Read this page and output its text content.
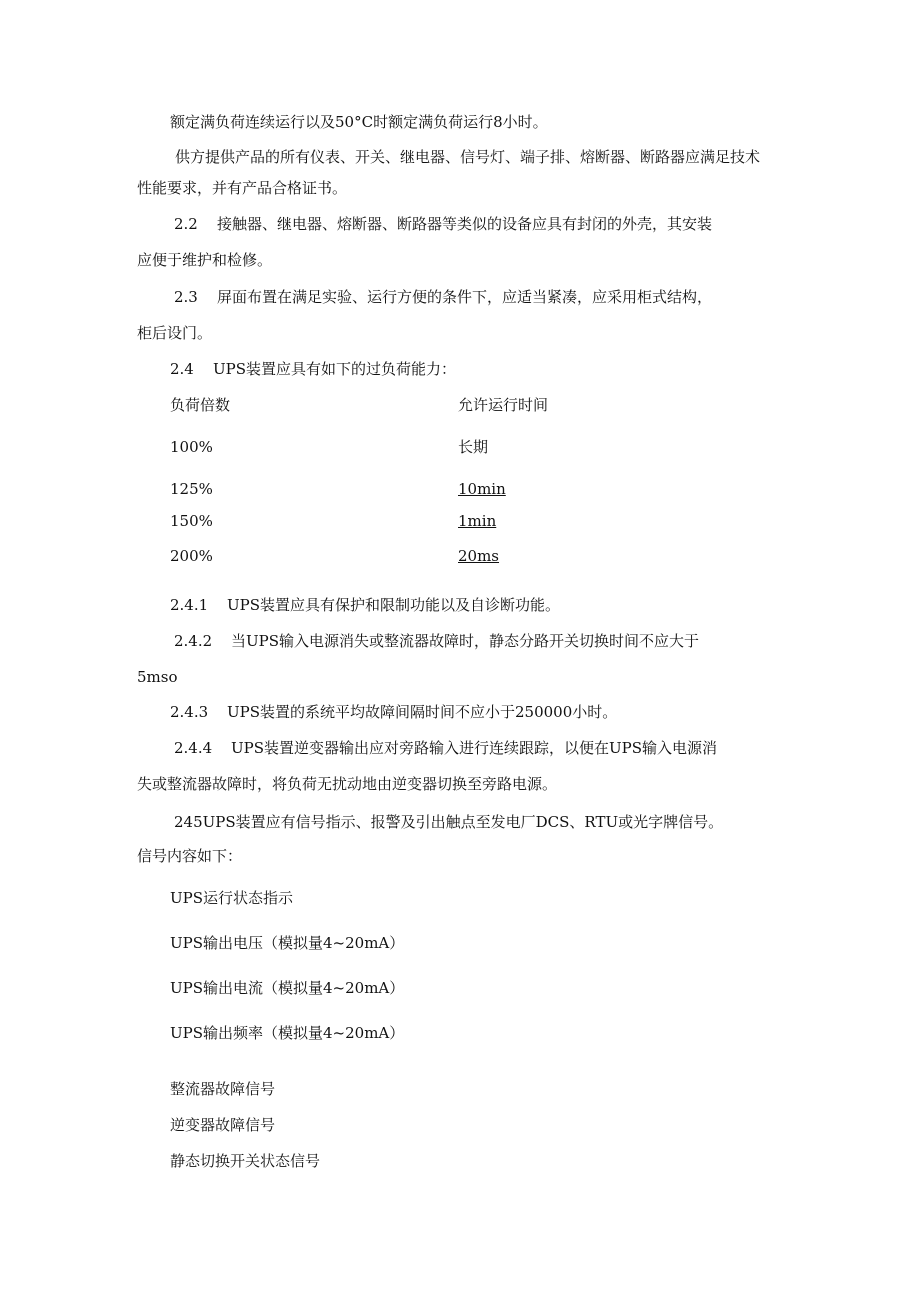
额定满负荷连续运行以及50°C时额定满负荷运行8小时。
供方提供产品的所有仪表、开关、继电器、信号灯、端子排、熔断器、断路器应满足技术
性能要求，并有产品合格证书。
2.2 接触器、继电器、熔断器、断路器等类似的设备应具有封闭的外壳，其安装
应便于维护和检修。
2.3 屏面布置在满足实验、运行方便的条件下，应适当紧凑，应采用柜式结构，
柜后设门。
2.4 UPS装置应具有如下的过负荷能力：
负荷倍数	允许运行时间
100%	长期
125%	10min
150%	1min
200%	20ms
2.4.1 UPS装置应具有保护和限制功能以及自诊断功能。
2.4.2 当UPS输入电源消失或整流器故障时，静态分路开关切换时间不应大于
5mso
2.4.3 UPS装置的系统平均故障间隔时间不应小于250000小时。
2.4.4 UPS装置逆变器输出应对旁路输入进行连续跟踪，以便在UPS输入电源消
失或整流器故障时，将负荷无扰动地由逆变器切换至旁路电源。
245UPS装置应有信号指示、报警及引出触点至发电厂DCS、RTU或光字牌信号。
信号内容如下：
UPS运行状态指示
UPS输出电压（模拟量4~20mA）
UPS输出电流（模拟量4~20mA）
UPS输出频率（模拟量4~20mA）
整流器故障信号
逆变器故障信号
静态切换开关状态信号
